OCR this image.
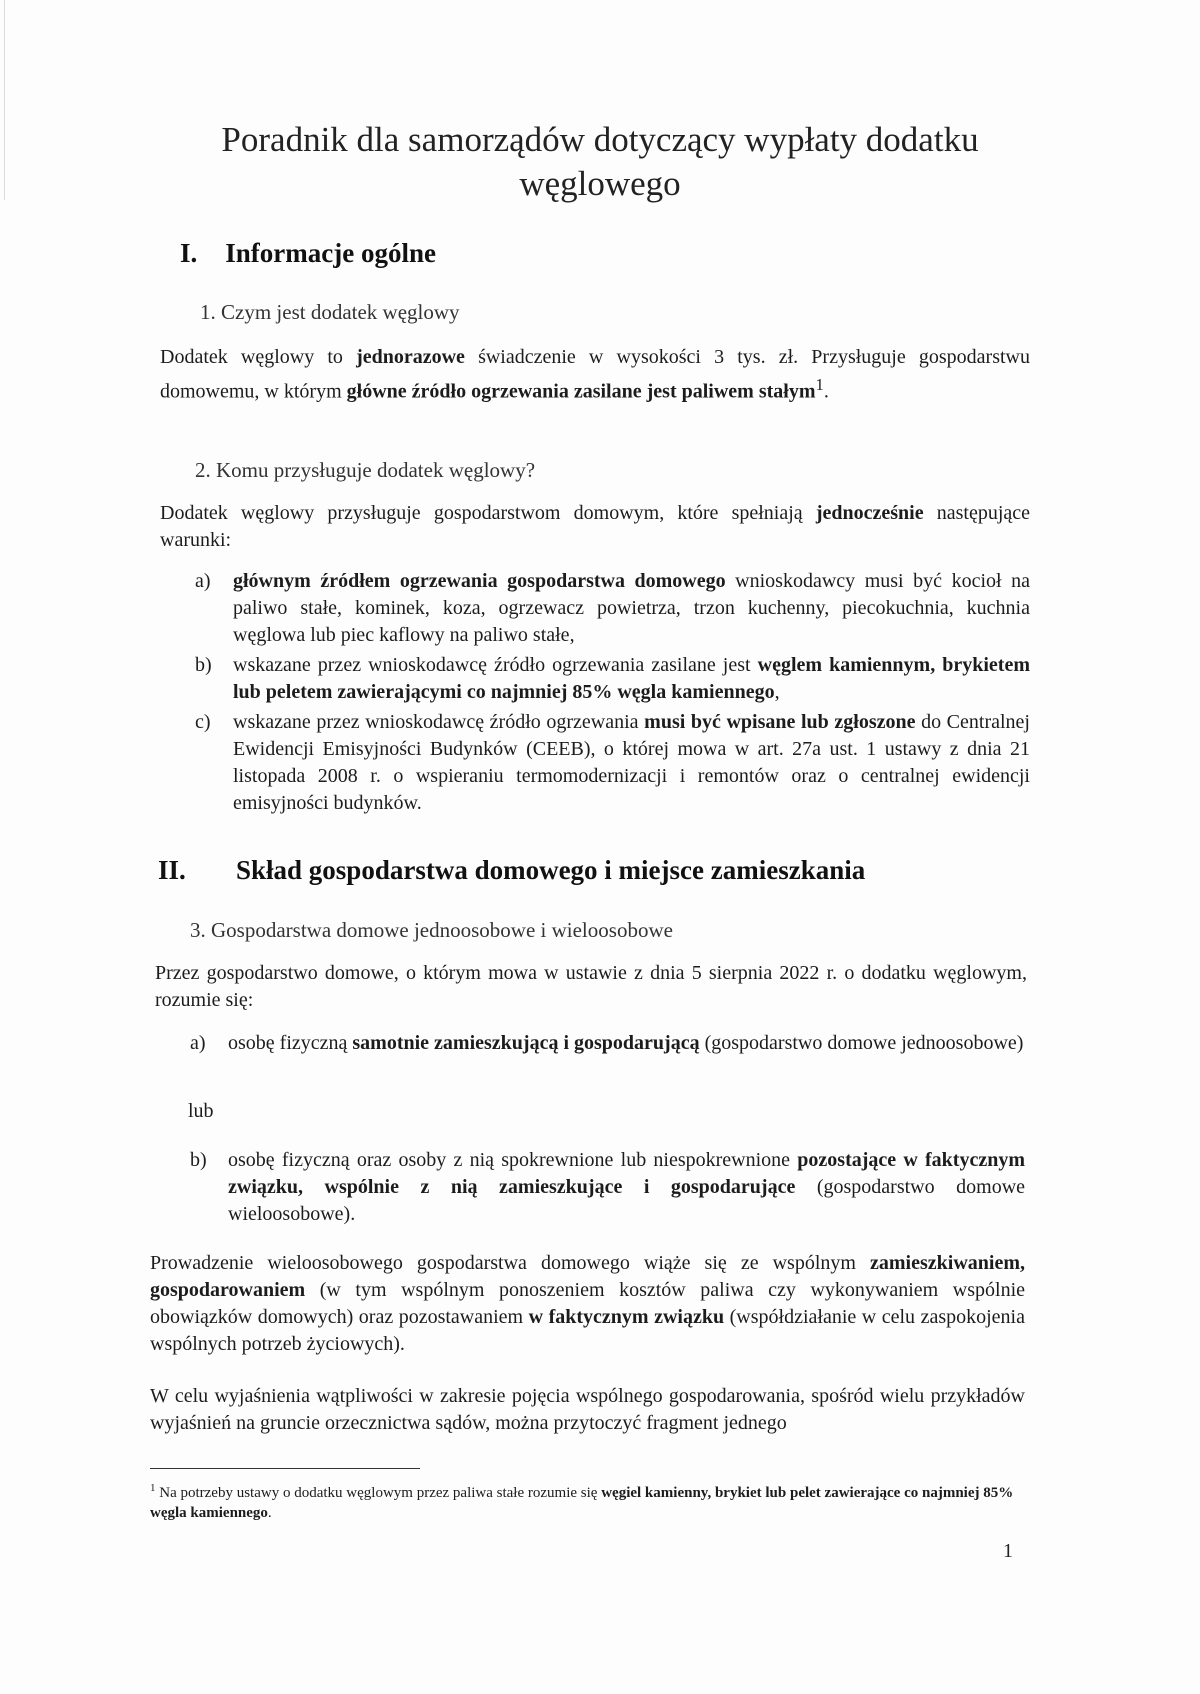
Poradnik dla samorządów dotyczący wypłaty dodatku węglowego
I. Informacje ogólne
1. Czym jest dodatek węglowy
Dodatek węglowy to jednorazowe świadczenie w wysokości 3 tys. zł. Przysługuje gospodarstwu domowemu, w którym główne źródło ogrzewania zasilane jest paliwem stałym$^1$.
2. Komu przysługuje dodatek węglowy?
Dodatek węglowy przysługuje gospodarstwom domowym, które spełniają jednocześnie następujące warunki:
a) głównym źródłem ogrzewania gospodarstwa domowego wnioskodawcy musi być kocioł na paliwo stałe, kominek, koza, ogrzewacz powietrza, trzon kuchenny, piecokuchnia, kuchnia węglowa lub piec kaflowy na paliwo stałe,
b) wskazane przez wnioskodawcę źródło ogrzewania zasilane jest węglem kamiennym, brykietem lub peletem zawierającymi co najmniej 85% węgla kamiennego,
c) wskazane przez wnioskodawcę źródło ogrzewania musi być wpisane lub zgłoszone do Centralnej Ewidencji Emisyjności Budynków (CEEB), o której mowa w art. 27a ust. 1 ustawy z dnia 21 listopada 2008 r. o wspieraniu termomodernizacji i remontów oraz o centralnej ewidencji emisyjności budynków.
II.	Skład gospodarstwa domowego i miejsce zamieszkania
3. Gospodarstwa domowe jednoosobowe i wieloosobowe
Przez gospodarstwo domowe, o którym mowa w ustawie z dnia 5 sierpnia 2022 r. o dodatku węglowym, rozumie się:
a) osobę fizyczną samotnie zamieszkującą i gospodarującą (gospodarstwo domowe jednoosobowe)
lub
b) osobę fizyczną oraz osoby z nią spokrewnione lub niespokrewnione pozostające w faktycznym związku, wspólnie z nią zamieszkujące i gospodarujące (gospodarstwo domowe wieloosobowe).
Prowadzenie wieloosobowego gospodarstwa domowego wiąże się ze wspólnym zamieszkiwaniem, gospodarowaniem (w tym wspólnym ponoszeniem kosztów paliwa czy wykonywaniem wspólnie obowiązków domowych) oraz pozostawaniem w faktycznym związku (współdziałanie w celu zaspokojenia wspólnych potrzeb życiowych).
W celu wyjaśnienia wątpliwości w zakresie pojęcia wspólnego gospodarowania, spośród wielu przykładów wyjaśnień na gruncie orzecznictwa sądów, można przytoczyć fragment jednego
$^1$ Na potrzeby ustawy o dodatku węglowym przez paliwa stałe rozumie się węgiel kamienny, brykiet lub pelet zawierające co najmniej 85% węgla kamiennego.
1
